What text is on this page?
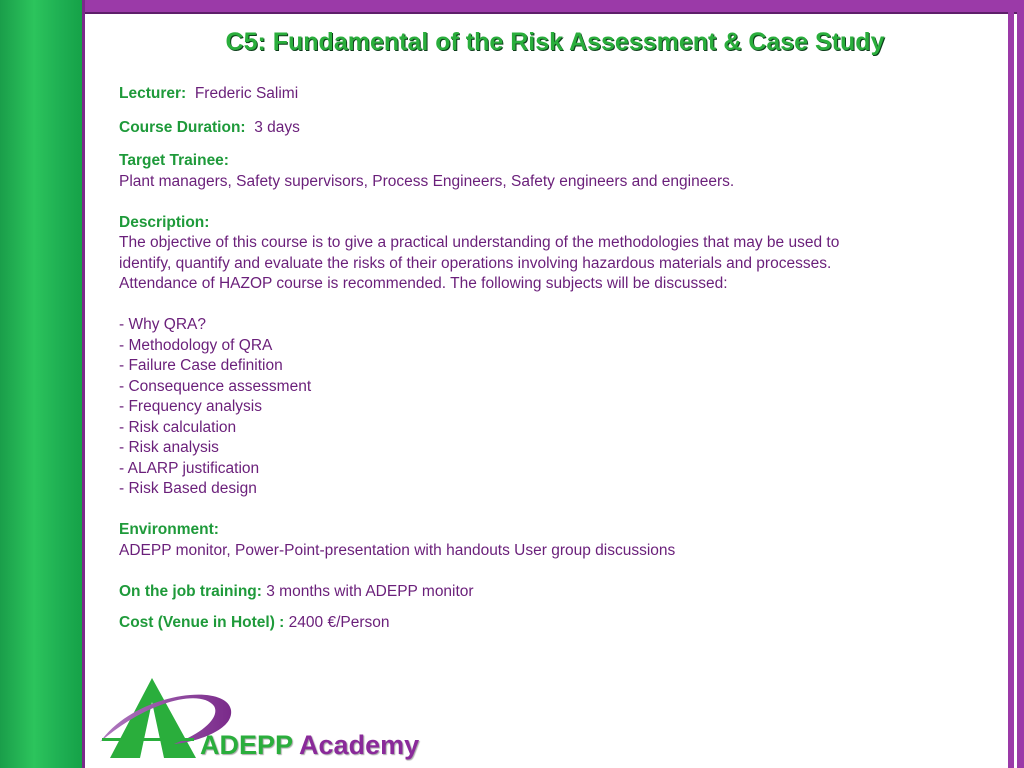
C5: Fundamental of the Risk Assessment & Case Study

Lecturer: Frederic Salimi

Course Duration: 3 days

Target Trainee:

Plant managers, Safety supervisors, Process Engineers, Safety engineers and engineers.

Description:

The objective of this course is to give a practical understanding of the methodologies that may be used to

identify, quantify and evaluate the risks of their operations involving hazardous materials and processes.

Attendance of HAZOP course is recommended. The following subjects will be discussed:

- Why QRA?
- Methodology of QRA
- Failure Case definition
- Consequence assessment
- Frequency analysis
- Risk calculation
- Risk analysis
- ALARP justification
- Risk Based design

Environment:

ADEPP monitor, Power-Point-presentation with handouts User group discussions

On the job training: 3 months with ADEPP monitor

Cost (Venue in Hotel) : 2400 €/Person

ADEPP Academy
